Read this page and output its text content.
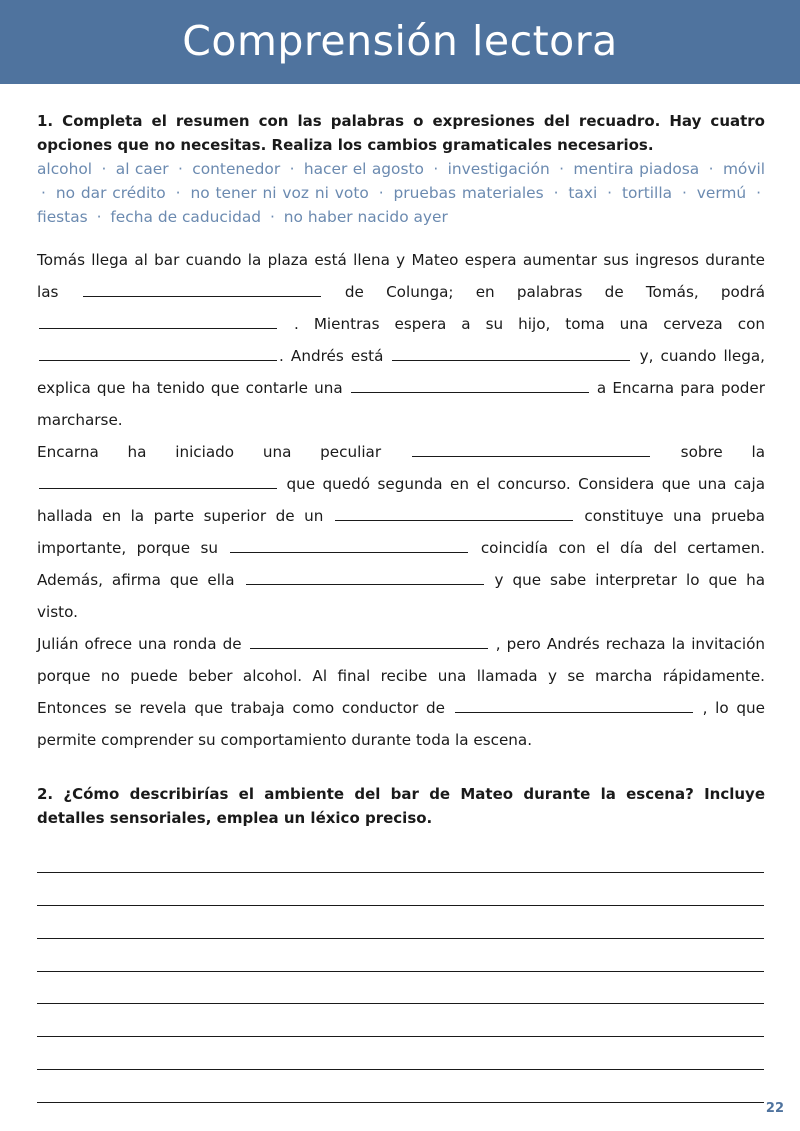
Comprensión lectora

1. Completa el resumen con las palabras o expresiones del recuadro. Hay cuatro opciones que no necesitas. Realiza los cambios gramaticales necesarios.

alcohol · al caer · contenedor · hacer el agosto · investigación · mentira piadosa · móvil · no dar crédito · no tener ni voz ni voto · pruebas materiales · taxi · tortilla · vermú · fiestas · fecha de caducidad · no haber nacido ayer

Tomás llega al bar cuando la plaza está llena y Mateo espera aumentar sus ingresos durante las	de Colunga; en palabras de Tomás, podrá  . Mientras espera a su hijo, toma una cerveza con . Andrés está	y, cuando llega, explica que ha tenido que contarle una	a Encarna para poder marcharse.

Encarna ha iniciado una peculiar	sobre la  que quedó segunda en el concurso. Considera que una caja hallada en la parte superior de un	constituye una prueba importante, porque su	coincidía con el día del certamen. Además, afirma que ella	y que sabe interpretar lo que ha visto.

Julián ofrece una ronda de	, pero Andrés rechaza la invitación porque no puede beber alcohol. Al final recibe una llamada y se marcha rápidamente. Entonces se revela que trabaja como conductor de	, lo que permite comprender su comportamiento durante toda la escena.

2. ¿Cómo describirías el ambiente del bar de Mateo durante la escena? Incluye detalles sensoriales, emplea un léxico preciso.

22
